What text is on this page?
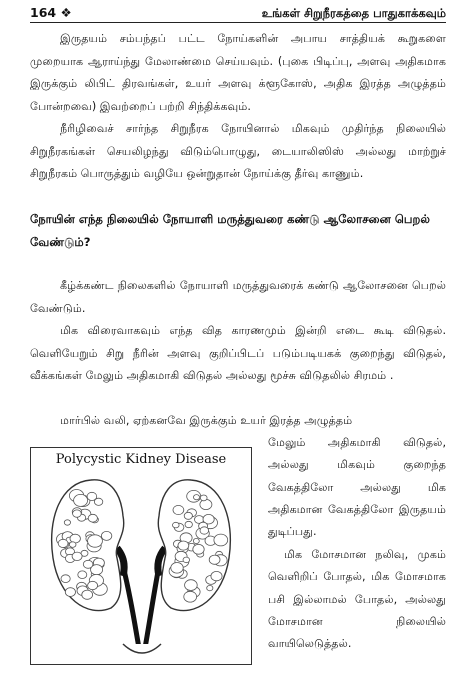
164 ❖	உங்கள் சிறுநீரகத்தை பாதுகாக்கவும்

இருதயம் சம்பந்தப் பட்ட நோய்களின் அபாய சாத்தியக் கூறுகளை முறையாக ஆராய்ந்து மேலாண்மை செய்யவும். (புகை பிடிப்பு, அளவு அதிகமாக இருக்கும் லிபிட் திரவங்கள், உயர் அளவு க்ளூகோஸ், அதிக இரத்த அழுத்தம் போன்றவை) இவற்றைப் பற்றி சிந்திக்கவும்.

நீரிழிவைச் சார்ந்த சிறுநீரக நோயினால் மிகவும் முதிர்ந்த நிலையில் சிறுநீரகங்கள் செயலிழந்து விடும்பொழுது, டையாலிஸிஸ் அல்லது மாற்றுச் சிறுநீரகம் பொருத்தும் வழியே ஒன்றுதான் நோய்க்கு தீர்வு காணும்.

நோயின் எந்த நிலையில் நோயாளி மருத்துவரை கண்டு ஆலோசனை பெறல் வேண்டும்?

கீழ்க்கண்ட நிலைகளில் நோயாளி மருத்துவரைக் கண்டு ஆலோசனை பெறல் வேண்டும்.

மிக விரைவாகவும் எந்த வித காரணமும் இன்றி எடை கூடி விடுதல். வெளியேறும் சிறு நீரின் அளவு குறிப்பிடப் படும்படியகக் குறைந்து விடுதல், வீக்கங்கள் மேலும் அதிகமாகி விடுதல் அல்லது மூச்சு விடுதலில் சிரமம் .

மார்பில் வலி, ஏற்கனவே இருக்கும் உயர் இரத்த அழுத்தம்

Polycystic Kidney Disease

மேலும் அதிகமாகி விடுதல், அல்லது மிகவும் குறைந்த வேகத்திலோ அல்லது மிக அதிகமான வேகத்திலோ இருதயம் துடிப்பது.

மிக மோசமான நலிவு, முகம் வெளிறிப் போதல், மிக மோசமாக பசி இல்லாமல் போதல், அல்லது மோசமான நிலையில் வாயிலெடுத்தல்.
